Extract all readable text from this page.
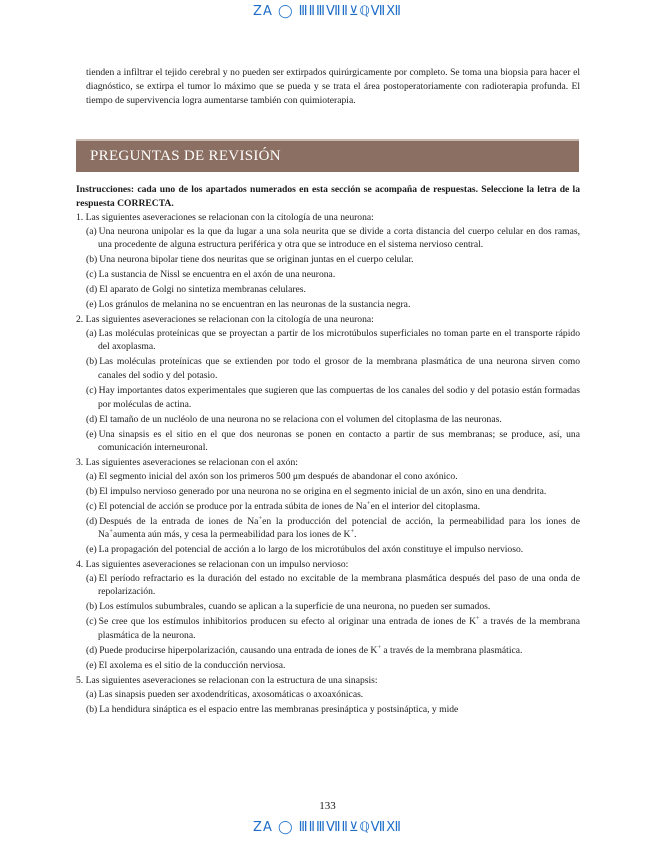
ZA ◯ ⅢⅡⅢⅦⅡ⊻ℚⅦⅫ

tienden a infiltrar el tejido cerebral y no pueden ser extirpados quirúrgicamente por completo. Se toma una biopsia para hacer el diagnóstico, se extirpa el tumor lo máximo que se pueda y se trata el área postoperatoriamente con radioterapia profunda. El tiempo de supervivencia logra aumentarse también con quimioterapia.

PREGUNTAS DE REVISIÓN

Instrucciones: cada uno de los apartados numerados en esta sección se acompaña de respuestas. Seleccione la letra de la respuesta CORRECTA.

1. Las siguientes aseveraciones se relacionan con la citología de una neurona:

(a) Una neurona unipolar es la que da lugar a una sola neurita que se divide a corta distancia del cuerpo celular en dos ramas, una procedente de alguna estructura periférica y otra que se introduce en el sistema nervioso central.
(b) Una neurona bipolar tiene dos neuritas que se originan juntas en el cuerpo celular.
(c) La sustancia de Nissl se encuentra en el axón de una neurona.
(d) El aparato de Golgi no sintetiza membranas celulares.
(e) Los gránulos de melanina no se encuentran en las neuronas de la sustancia negra.

2. Las siguientes aseveraciones se relacionan con la citología de una neurona:

(a) Las moléculas proteínicas que se proyectan a partir de los microtúbulos superficiales no toman parte en el transporte rápido del axoplasma.
(b) Las moléculas proteínicas que se extienden por todo el grosor de la membrana plasmática de una neurona sirven como canales del sodio y del potasio.
(c) Hay importantes datos experimentales que sugieren que las compuertas de los canales del sodio y del potasio están formadas por moléculas de actina.
(d) El tamaño de un nucléolo de una neurona no se relaciona con el volumen del citoplasma de las neuronas.
(e) Una sinapsis es el sitio en el que dos neuronas se ponen en contacto a partir de sus membranas; se produce, así, una comunicación interneuronal.

3. Las siguientes aseveraciones se relacionan con el axón:

(a) El segmento inicial del axón son los primeros 500 μm después de abandonar el cono axónico.
(b) El impulso nervioso generado por una neurona no se origina en el segmento inicial de un axón, sino en una dendrita.
(c) El potencial de acción se produce por la entrada súbita de iones de Na+en el interior del citoplasma.
(d) Después de la entrada de iones de Na+en la producción del potencial de acción, la permeabilidad para los iones de Na+aumenta aún más, y cesa la permeabilidad para los iones de K+.
(e) La propagación del potencial de acción a lo largo de los microtúbulos del axón constituye el impulso nervioso.

4. Las siguientes aseveraciones se relacionan con un impulso nervioso:

(a) El período refractario es la duración del estado no excitable de la membrana plasmática después del paso de una onda de repolarización.
(b) Los estímulos subumbrales, cuando se aplican a la superficie de una neurona, no pueden ser sumados.
(c) Se cree que los estímulos inhibitorios producen su efecto al originar una entrada de iones de K+ a través de la membrana plasmática de la neurona.
(d) Puede producirse hiperpolarización, causando una entrada de iones de K+ a través de la membrana plasmática.
(e) El axolema es el sitio de la conducción nerviosa.

5. Las siguientes aseveraciones se relacionan con la estructura de una sinapsis:

(a) Las sinapsis pueden ser axodendríticas, axosomáticas o axoaxónicas.
(b) La hendidura sináptica es el espacio entre las membranas presináptica y postsináptica, y mide
133
ZA ◯ ⅢⅡⅢⅦⅡ⊻ℚⅦⅫ
